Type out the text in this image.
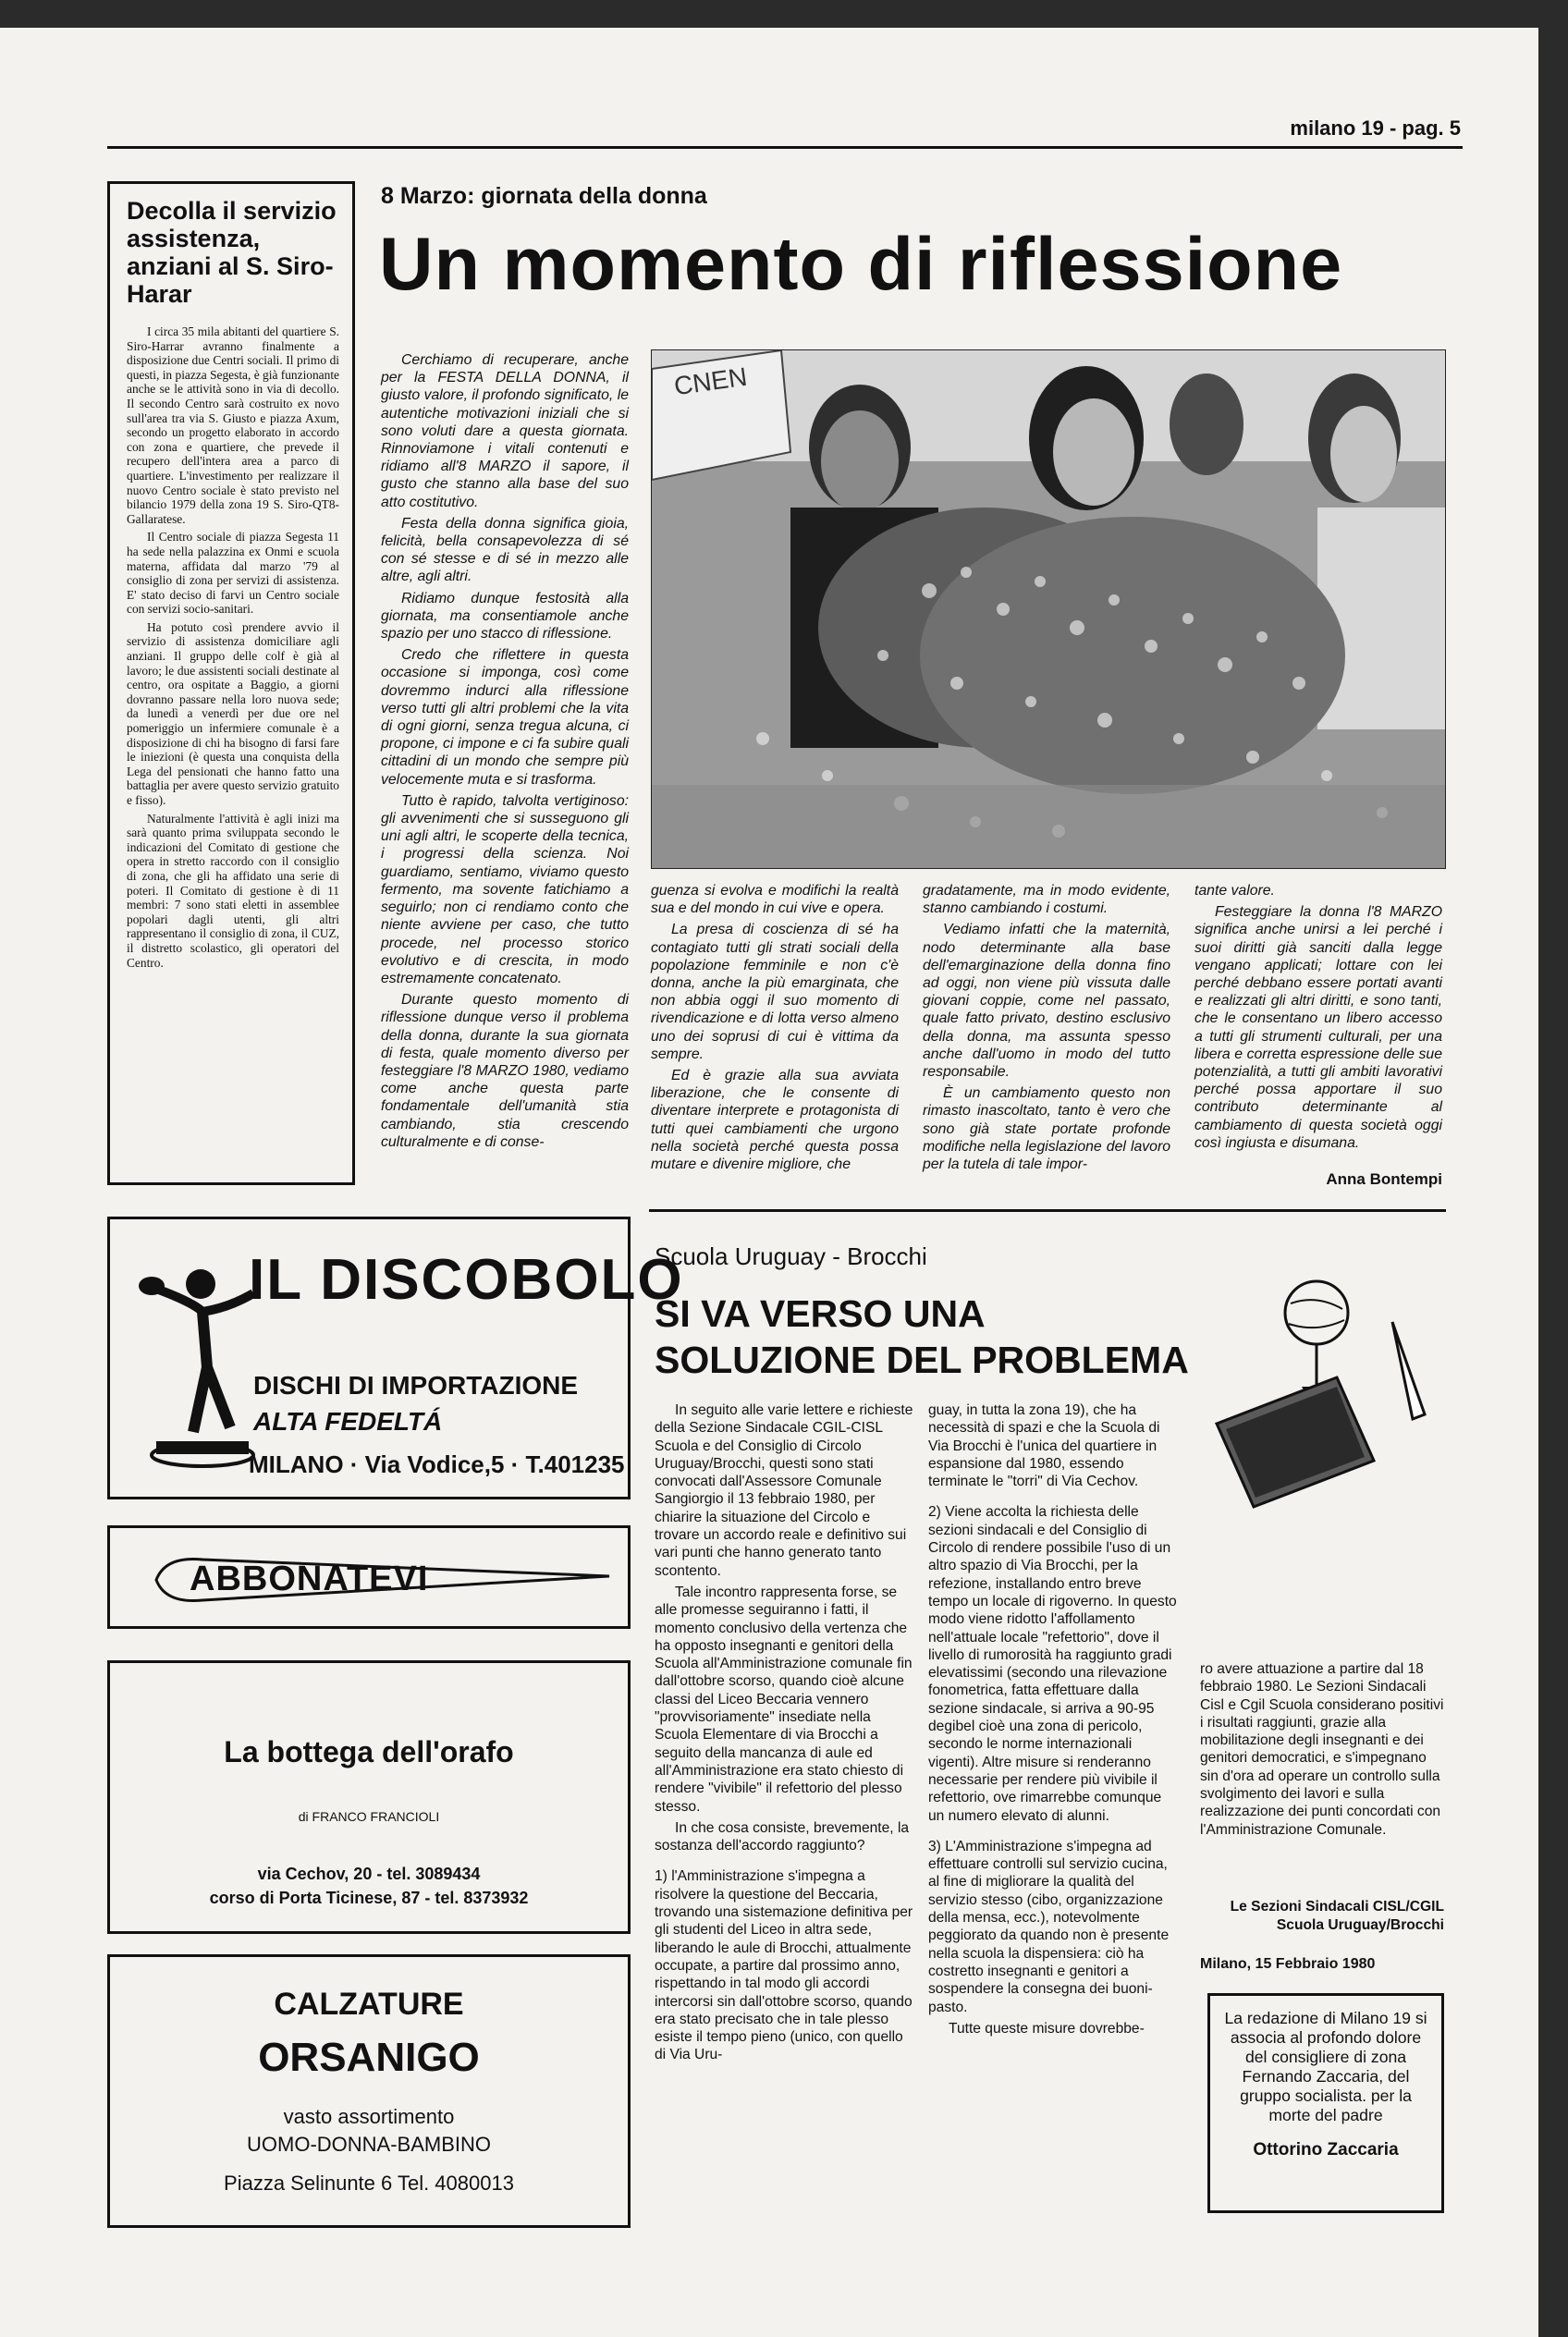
milano 19 - pag. 5
Decolla il servizio assistenza, anziani al S. Siro-Harar

I circa 35 mila abitanti del quartiere S. Siro-Harrar avranno finalmente a disposizione due Centri sociali. Il primo di questi, in piazza Segesta, è già funzionante anche se le attività sono in via di decollo. Il secondo Centro sarà costruito ex novo sull'area tra via S. Giusto e piazza Axum, secondo un progetto elaborato in accordo con zona e quartiere, che prevede il recupero dell'intera area a parco di quartiere. L'investimento per realizzare il nuovo Centro sociale è stato previsto nel bilancio 1979 della zona 19 S. Siro-QT8-Gallaratese.

Il Centro sociale di piazza Segesta 11 ha sede nella palazzina ex Onmi e scuola materna, affidata dal marzo '79 al consiglio di zona per servizi di assistenza. E' stato deciso di farvi un Centro sociale con servizi socio-sanitari.

Ha potuto così prendere avvio il servizio di assistenza domiciliare agli anziani. Il gruppo delle colf è già al lavoro; le due assistenti sociali destinate al centro, ora ospitate a Baggio, a giorni dovranno passare nella loro nuova sede; da lunedì a venerdì per due ore nel pomeriggio un infermiere comunale è a disposizione di chi ha bisogno di farsi fare le iniezioni (è questa una conquista della Lega del pensionati che hanno fatto una battaglia per avere questo servizio gratuito e fisso).

Naturalmente l'attività è agli inizi ma sarà quanto prima sviluppata secondo le indicazioni del Comitato di gestione che opera in stretto raccordo con il consiglio di zona, che gli ha affidato una serie di poteri. Il Comitato di gestione è di 11 membri: 7 sono stati eletti in assemblee popolari dagli utenti, gli altri rappresentano il consiglio di zona, il CUZ, il distretto scolastico, gli operatori del Centro.

8 Marzo: giornata della donna
Un momento di riflessione

Cerchiamo di recuperare, anche per la FESTA DELLA DONNA, il giusto valore, il profondo significato, le autentiche motivazioni iniziali che si sono voluti dare a questa giornata. Rinnoviamone i vitali contenuti e ridiamo all'8 MARZO il sapore, il gusto che stanno alla base del suo atto costitutivo.

Festa della donna significa gioia, felicità, bella consapevolezza di sé con sé stesse e di sé in mezzo alle altre, agli altri.

Ridiamo dunque festosità alla giornata, ma consentiamole anche spazio per uno stacco di riflessione.

Credo che riflettere in questa occasione si imponga, così come dovremmo indurci alla riflessione verso tutti gli altri problemi che la vita di ogni giorni, senza tregua alcuna, ci propone, ci impone e ci fa subire quali cittadini di un mondo che sempre più velocemente muta e si trasforma.

Tutto è rapido, talvolta vertiginoso: gli avvenimenti che si susseguono gli uni agli altri, le scoperte della tecnica, i progressi della scienza. Noi guardiamo, sentiamo, viviamo questo fermento, ma sovente fatichiamo a seguirlo; non ci rendiamo conto che niente avviene per caso, che tutto procede, nel processo storico evolutivo e di crescita, in modo estremamente concatenato.

Durante questo momento di riflessione dunque verso il problema della donna, durante la sua giornata di festa, quale momento diverso per festeggiare l'8 MARZO 1980, vediamo come anche questa parte fondamentale dell'umanità stia cambiando, stia crescendo culturalmente e di conse-

CNEN

guenza si evolva e modifichi la realtà sua e del mondo in cui vive e opera.

La presa di coscienza di sé ha contagiato tutti gli strati sociali della popolazione femminile e non c'è donna, anche la più emarginata, che non abbia oggi il suo momento di rivendicazione e di lotta verso almeno uno dei soprusi di cui è vittima da sempre.

Ed è grazie alla sua avviata liberazione, che le consente di diventare interprete e protagonista di tutti quei cambiamenti che urgono nella società perché questa possa mutare e divenire migliore, che

gradatamente, ma in modo evidente, stanno cambiando i costumi.

Vediamo infatti che la maternità, nodo determinante alla base dell'emarginazione della donna fino ad oggi, non viene più vissuta dalle giovani coppie, come nel passato, quale fatto privato, destino esclusivo della donna, ma assunta spesso anche dall'uomo in modo del tutto responsabile.

È un cambiamento questo non rimasto inascoltato, tanto è vero che sono già state portate profonde modifiche nella legislazione del lavoro per la tutela di tale impor-

tante valore.

Festeggiare la donna l'8 MARZO significa anche unirsi a lei perché i suoi diritti già sanciti dalla legge vengano applicati; lottare con lei perché debbano essere portati avanti e realizzati gli altri diritti, e sono tanti, che le consentano un libero accesso a tutti gli strumenti culturali, per una libera e corretta espressione delle sue potenzialità, a tutti gli ambiti lavorativi perché possa apportare il suo contributo determinante al cambiamento di questa società oggi così ingiusta e disumana.

Anna Bontempi
IL DISCOBOLO
DISCHI DI IMPORTAZIONE
ALTA FEDELTÁ
MILANO · Via Vodice,5 · T.401235
ABBONATEVI
La bottega dell'orafo
di FRANCO FRANCIOLI
via Cechov, 20 - tel. 3089434
corso di Porta Ticinese, 87 - tel. 8373932
CALZATURE
ORSANIGO
vasto assortimento
UOMO-DONNA-BAMBINO
Piazza Selinunte 6 Tel. 4080013
Scuola Uruguay - Brocchi
SI VA VERSO UNA
SOLUZIONE DEL PROBLEMA

In seguito alle varie lettere e richieste della Sezione Sindacale CGIL-CISL Scuola e del Consiglio di Circolo Uruguay/Brocchi, questi sono stati convocati dall'Assessore Comunale Sangiorgio il 13 febbraio 1980, per chiarire la situazione del Circolo e trovare un accordo reale e definitivo sui vari punti che hanno generato tanto scontento.

Tale incontro rappresenta forse, se alle promesse seguiranno i fatti, il momento conclusivo della vertenza che ha opposto insegnanti e genitori della Scuola all'Amministrazione comunale fin dall'ottobre scorso, quando cioè alcune classi del Liceo Beccaria vennero "provvisoriamente" insediate nella Scuola Elementare di via Brocchi a seguito della mancanza di aule ed all'Amministrazione era stato chiesto di rendere "vivibile" il refettorio del plesso stesso.

In che cosa consiste, brevemente, la sostanza dell'accordo raggiunto?

1) l'Amministrazione s'impegna a risolvere la questione del Beccaria, trovando una sistemazione definitiva per gli studenti del Liceo in altra sede, liberando le aule di Brocchi, attualmente occupate, a partire dal prossimo anno, rispettando in tal modo gli accordi intercorsi sin dall'ottobre scorso, quando era stato precisato che in tale plesso esiste il tempo pieno (unico, con quello di Via Uru-

guay, in tutta la zona 19), che ha necessità di spazi e che la Scuola di Via Brocchi è l'unica del quartiere in espansione dal 1980, essendo terminate le "torri" di Via Cechov.

2) Viene accolta la richiesta delle sezioni sindacali e del Consiglio di Circolo di rendere possibile l'uso di un altro spazio di Via Brocchi, per la refezione, installando entro breve tempo un locale di rigoverno. In questo modo viene ridotto l'affollamento nell'attuale locale "refettorio", dove il livello di rumorosità ha raggiunto gradi elevatissimi (secondo una rilevazione fonometrica, fatta effettuare dalla sezione sindacale, si arriva a 90-95 degibel cioè una zona di pericolo, secondo le norme internazionali vigenti). Altre misure si renderanno necessarie per rendere più vivibile il refettorio, ove rimarrebbe comunque un numero elevato di alunni.

3) L'Amministrazione s'impegna ad effettuare controlli sul servizio cucina, al fine di migliorare la qualità del servizio stesso (cibo, organizzazione della mensa, ecc.), notevolmente peggiorato da quando non è presente nella scuola la dispensiera: ciò ha costretto insegnanti e genitori a sospendere la consegna dei buoni-pasto.

Tutte queste misure dovrebbe-

ro avere attuazione a partire dal 18 febbraio 1980. Le Sezioni Sindacali Cisl e Cgil Scuola considerano positivi i risultati raggiunti, grazie alla mobilitazione degli insegnanti e dei genitori democratici, e s'impegnano sin d'ora ad operare un controllo sulla svolgimento dei lavori e sulla realizzazione dei punti concordati con l'Amministrazione Comunale.

Le Sezioni Sindacali CISL/CGIL
Scuola Uruguay/Brocchi
Milano, 15 Febbraio 1980
La redazione di Milano 19 si associa al profondo dolore del consigliere di zona Fernando Zaccaria, del gruppo socialista. per la morte del padre
Ottorino Zaccaria
